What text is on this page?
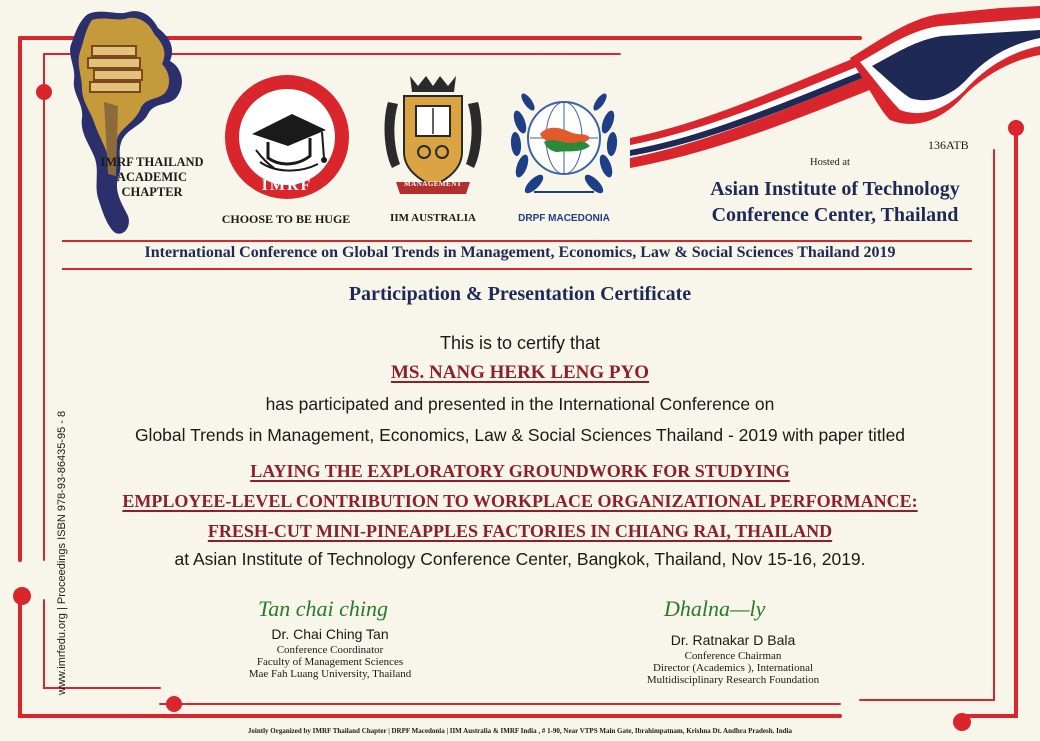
IMRF THAILAND
ACADEMIC
CHAPTER	IMRF
CHOOSE TO BE HUGE
MANAGEMENT
IIM AUSTRALIA	DRPF MACEDONIA
136ATB
Hosted at
Asian Institute of Technology
Conference Center, Thailand
International Conference on Global Trends in Management, Economics, Law & Social Sciences Thailand 2019
Participation & Presentation Certificate
This is to certify that
MS. NANG HERK LENG PYO
has participated and presented in the International Conference on
Global Trends in Management, Economics, Law & Social Sciences Thailand - 2019 with paper titled
LAYING THE EXPLORATORY GROUNDWORK FOR STUDYING
EMPLOYEE-LEVEL CONTRIBUTION TO WORKPLACE ORGANIZATIONAL PERFORMANCE:
FRESH-CUT MINI-PINEAPPLES FACTORIES IN CHIANG RAI, THAILAND
at Asian Institute of Technology Conference Center, Bangkok, Thailand, Nov 15-16, 2019.
www.imrfedu.org | Proceedings ISBN 978-93-86435-95 - 8	Tan chai ching
Dr. Chai Ching Tan
Conference Coordinator
Faculty of Management Sciences
Mae Fah Luang University, Thailand
Dhalna—ly
Dr. Ratnakar D Bala
Conference Chairman
Director (Academics ), International
Multidisciplinary Research Foundation
Jointly Organized by IMRF Thailand Chapter | DRPF Macedonia | IIM Australia & IMRF India , # 1-90, Near VTPS Main Gate, Ibrahimpatnam, Krishna Dt. Andhra Pradesh. India
